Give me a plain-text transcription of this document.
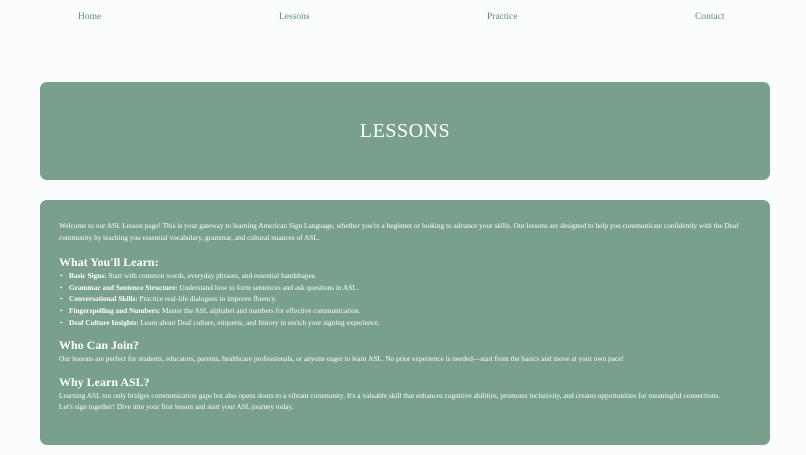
Home	Lessons	Practice	Contact
LESSONS

Welcome to our ASL Lesson page! This is your gateway to learning American Sign Language, whether you're a beginner or looking to advance your skills. Our lessons are designed to help you communicate confidently with the Deaf community by teaching you essential vocabulary, grammar, and cultural nuances of ASL.

What You'll Learn:
• Basic Signs: Start with common words, everyday phrases, and essential handshapes.
• Grammar and Sentence Structure: Understand how to form sentences and ask questions in ASL.
• Conversational Skills: Practice real-life dialogues to improve fluency.
• Fingerspelling and Numbers: Master the ASL alphabet and numbers for effective communication.
• Deaf Culture Insights: Learn about Deaf culture, etiquette, and history to enrich your signing experience.
Who Can Join?

Our lessons are perfect for students, educators, parents, healthcare professionals, or anyone eager to learn ASL. No prior experience is needed—start from the basics and move at your own pace!

Why Learn ASL?

Learning ASL not only bridges communication gaps but also opens doors to a vibrant community. It's a valuable skill that enhances cognitive abilities, promotes inclusivity, and creates opportunities for meaningful connections.

Let's sign together! Dive into your first lesson and start your ASL journey today.
